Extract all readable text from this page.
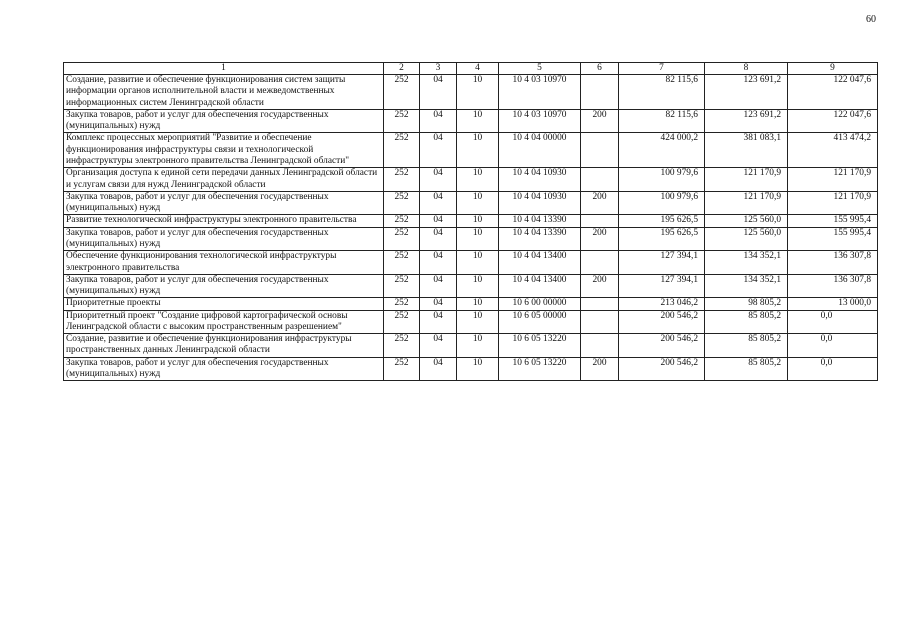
60
1	2	3	4	5	6	7	8	9
Создание, развитие и обеспечение функционирования систем защиты информации органов исполнительной власти и межведомственных информационных систем Ленинградской области	252	04	10	10 4 03 10970		82 115,6	123 691,2	122 047,6
Закупка товаров, работ и услуг для обеспечения государственных (муниципальных) нужд	252	04	10	10 4 03 10970	200	82 115,6	123 691,2	122 047,6
Комплекс процессных мероприятий "Развитие и обеспечение функционирования инфраструктуры связи и технологической инфраструктуры электронного правительства Ленинградской области"	252	04	10	10 4 04 00000		424 000,2	381 083,1	413 474,2
Организация доступа к единой сети передачи данных Ленинградской области и услугам связи для нужд Ленинградской области	252	04	10	10 4 04 10930		100 979,6	121 170,9	121 170,9
Закупка товаров, работ и услуг для обеспечения государственных (муниципальных) нужд	252	04	10	10 4 04 10930	200	100 979,6	121 170,9	121 170,9
Развитие технологической инфраструктуры электронного правительства	252	04	10	10 4 04 13390		195 626,5	125 560,0	155 995,4
Закупка товаров, работ и услуг для обеспечения государственных (муниципальных) нужд	252	04	10	10 4 04 13390	200	195 626,5	125 560,0	155 995,4
Обеспечение функционирования технологической инфраструктуры электронного правительства	252	04	10	10 4 04 13400		127 394,1	134 352,1	136 307,8
Закупка товаров, работ и услуг для обеспечения государственных (муниципальных) нужд	252	04	10	10 4 04 13400	200	127 394,1	134 352,1	136 307,8
Приоритетные проекты	252	04	10	10 6 00 00000		213 046,2	98 805,2	13 000,0
Приоритетный проект "Создание цифровой картографической основы Ленинградской области с высоким пространственным разрешением"	252	04	10	10 6 05 00000		200 546,2	85 805,2	0,0
Создание, развитие и обеспечение функционирования инфраструктуры пространственных данных Ленинградской области	252	04	10	10 6 05 13220		200 546,2	85 805,2	0,0
Закупка товаров, работ и услуг для обеспечения государственных (муниципальных) нужд	252	04	10	10 6 05 13220	200	200 546,2	85 805,2	0,0
